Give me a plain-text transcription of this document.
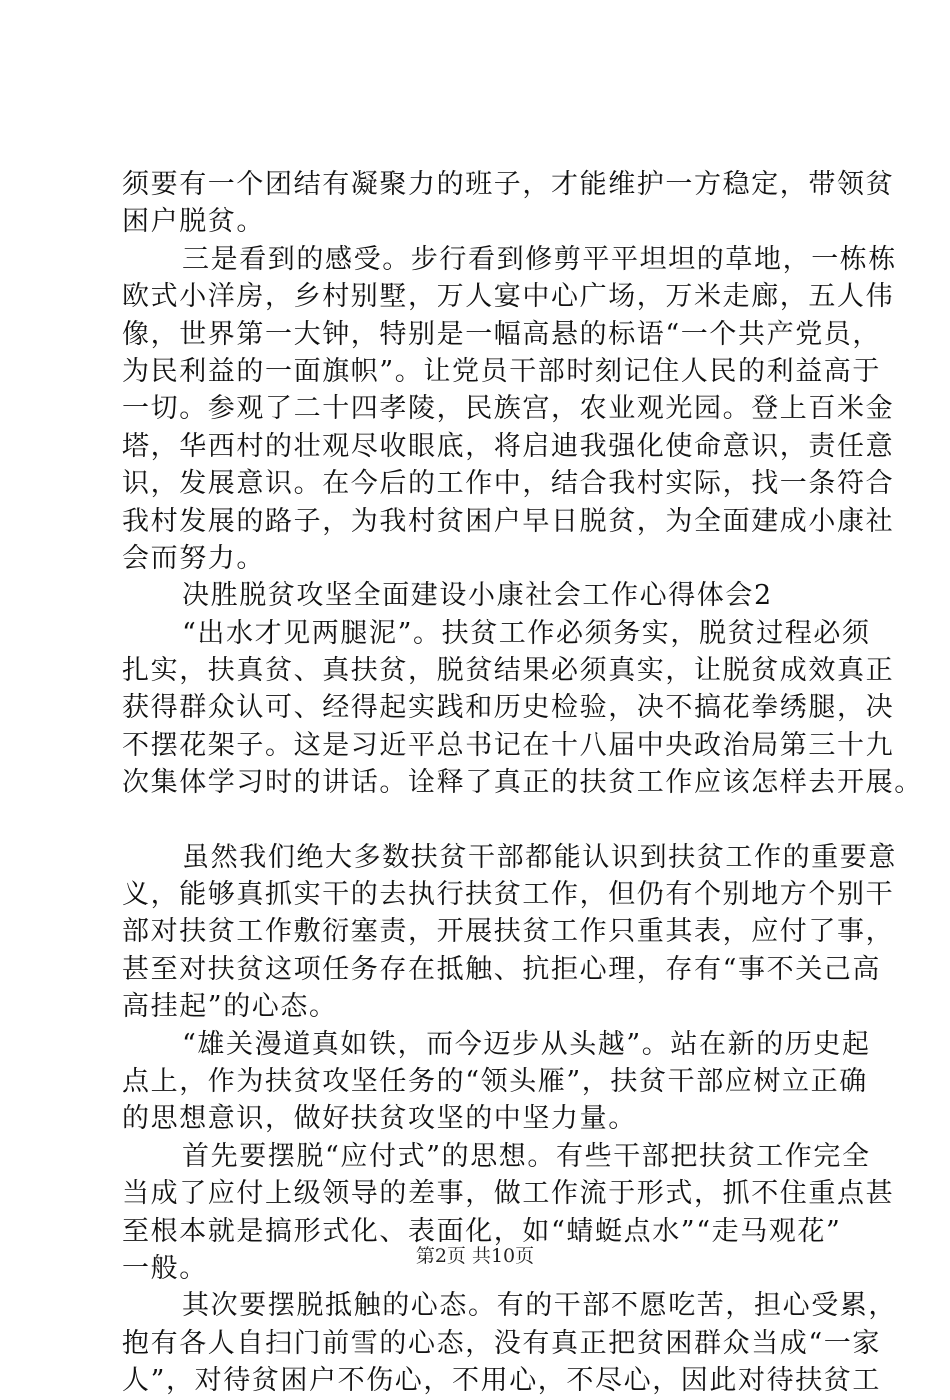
须要有一个团结有凝聚力的班子，才能维护一方稳定，带领贫
困户脱贫。
三是看到的感受。步行看到修剪平平坦坦的草地，一栋栋
欧式小洋房，乡村别墅，万人宴中心广场，万米走廊，五人伟
像，世界第一大钟，特别是一幅高悬的标语“一个共产党员，
为民利益的一面旗帜”。让党员干部时刻记住人民的利益高于
一切。参观了二十四孝陵，民族宫，农业观光园。登上百米金
塔，华西村的壮观尽收眼底，将启迪我强化使命意识，责任意
识，发展意识。在今后的工作中，结合我村实际，找一条符合
我村发展的路子，为我村贫困户早日脱贫，为全面建成小康社
会而努力。
决胜脱贫攻坚全面建设小康社会工作心得体会2
“出水才见两腿泥”。扶贫工作必须务实，脱贫过程必须
扎实，扶真贫、真扶贫，脱贫结果必须真实，让脱贫成效真正
获得群众认可、经得起实践和历史检验，决不搞花拳绣腿，决
不摆花架子。这是习近平总书记在十八届中央政治局第三十九
次集体学习时的讲话。诠释了真正的扶贫工作应该怎样去开展。
虽然我们绝大多数扶贫干部都能认识到扶贫工作的重要意
义，能够真抓实干的去执行扶贫工作，但仍有个别地方个别干
部对扶贫工作敷衍塞责，开展扶贫工作只重其表，应付了事，
甚至对扶贫这项任务存在抵触、抗拒心理，存有“事不关己高
高挂起”的心态。
“雄关漫道真如铁，而今迈步从头越”。站在新的历史起
点上，作为扶贫攻坚任务的“领头雁”，扶贫干部应树立正确
的思想意识，做好扶贫攻坚的中坚力量。
首先要摆脱“应付式”的思想。有些干部把扶贫工作完全
当成了应付上级领导的差事，做工作流于形式，抓不住重点甚
至根本就是搞形式化、表面化，如“蜻蜓点水”“走马观花”
一般。
其次要摆脱抵触的心态。有的干部不愿吃苦，担心受累，
抱有各人自扫门前雪的心态，没有真正把贫困群众当成“一家
人”，对待贫困户不伤心，不用心，不尽心，因此对待扶贫工
第2页 共10页
